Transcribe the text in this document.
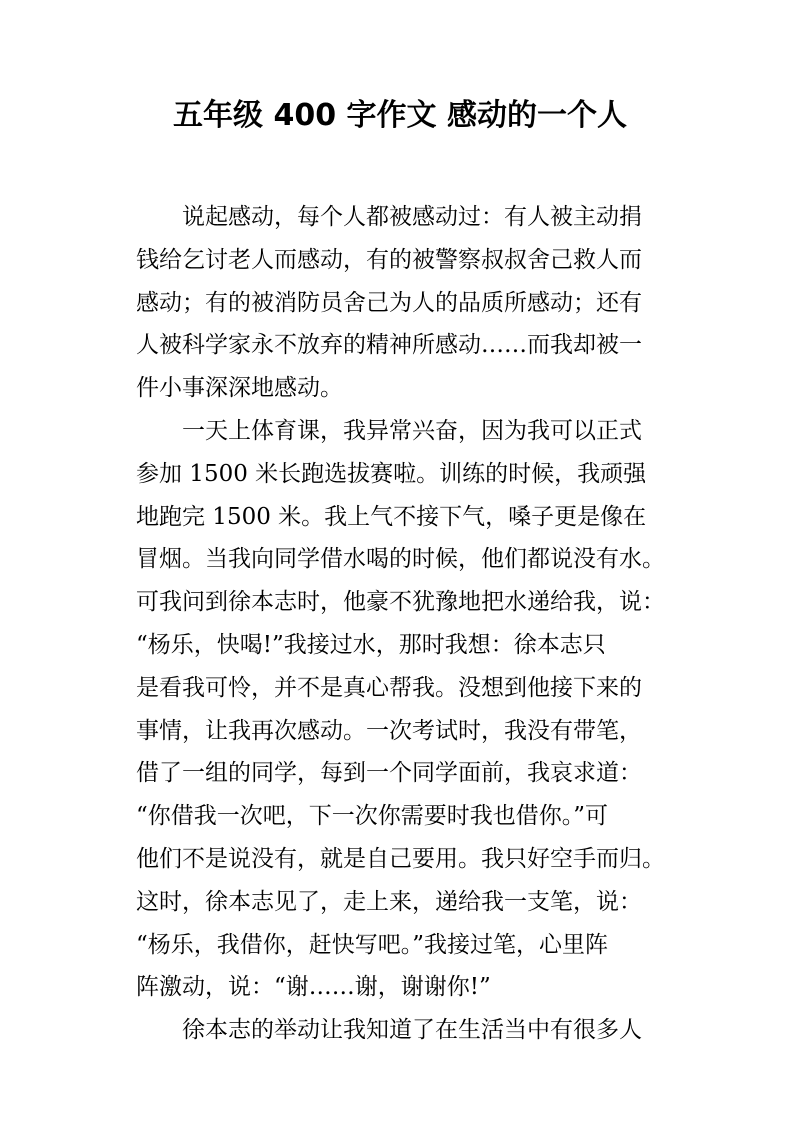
五年级 400 字作文 感动的一个人
说起感动，每个人都被感动过：有人被主动捐
钱给乞讨老人而感动，有的被警察叔叔舍己救人而
感动；有的被消防员舍己为人的品质所感动；还有
人被科学家永不放弃的精神所感动……而我却被一
件小事深深地感动。
一天上体育课，我异常兴奋，因为我可以正式
参加 1500 米长跑选拔赛啦。训练的时候，我顽强
地跑完 1500 米。我上气不接下气，嗓子更是像在
冒烟。当我向同学借水喝的时候，他们都说没有水。
可我问到徐本志时，他豪不犹豫地把水递给我，说：
“杨乐，快喝!”我接过水，那时我想：徐本志只
是看我可怜，并不是真心帮我。没想到他接下来的
事情，让我再次感动。一次考试时，我没有带笔，
借了一组的同学，每到一个同学面前，我哀求道：
“你借我一次吧，下一次你需要时我也借你。”可
他们不是说没有，就是自己要用。我只好空手而归。
这时，徐本志见了，走上来，递给我一支笔，说：
“杨乐，我借你，赶快写吧。”我接过笔，心里阵
阵激动，说：“谢……谢，谢谢你!”
徐本志的举动让我知道了在生活当中有很多人
